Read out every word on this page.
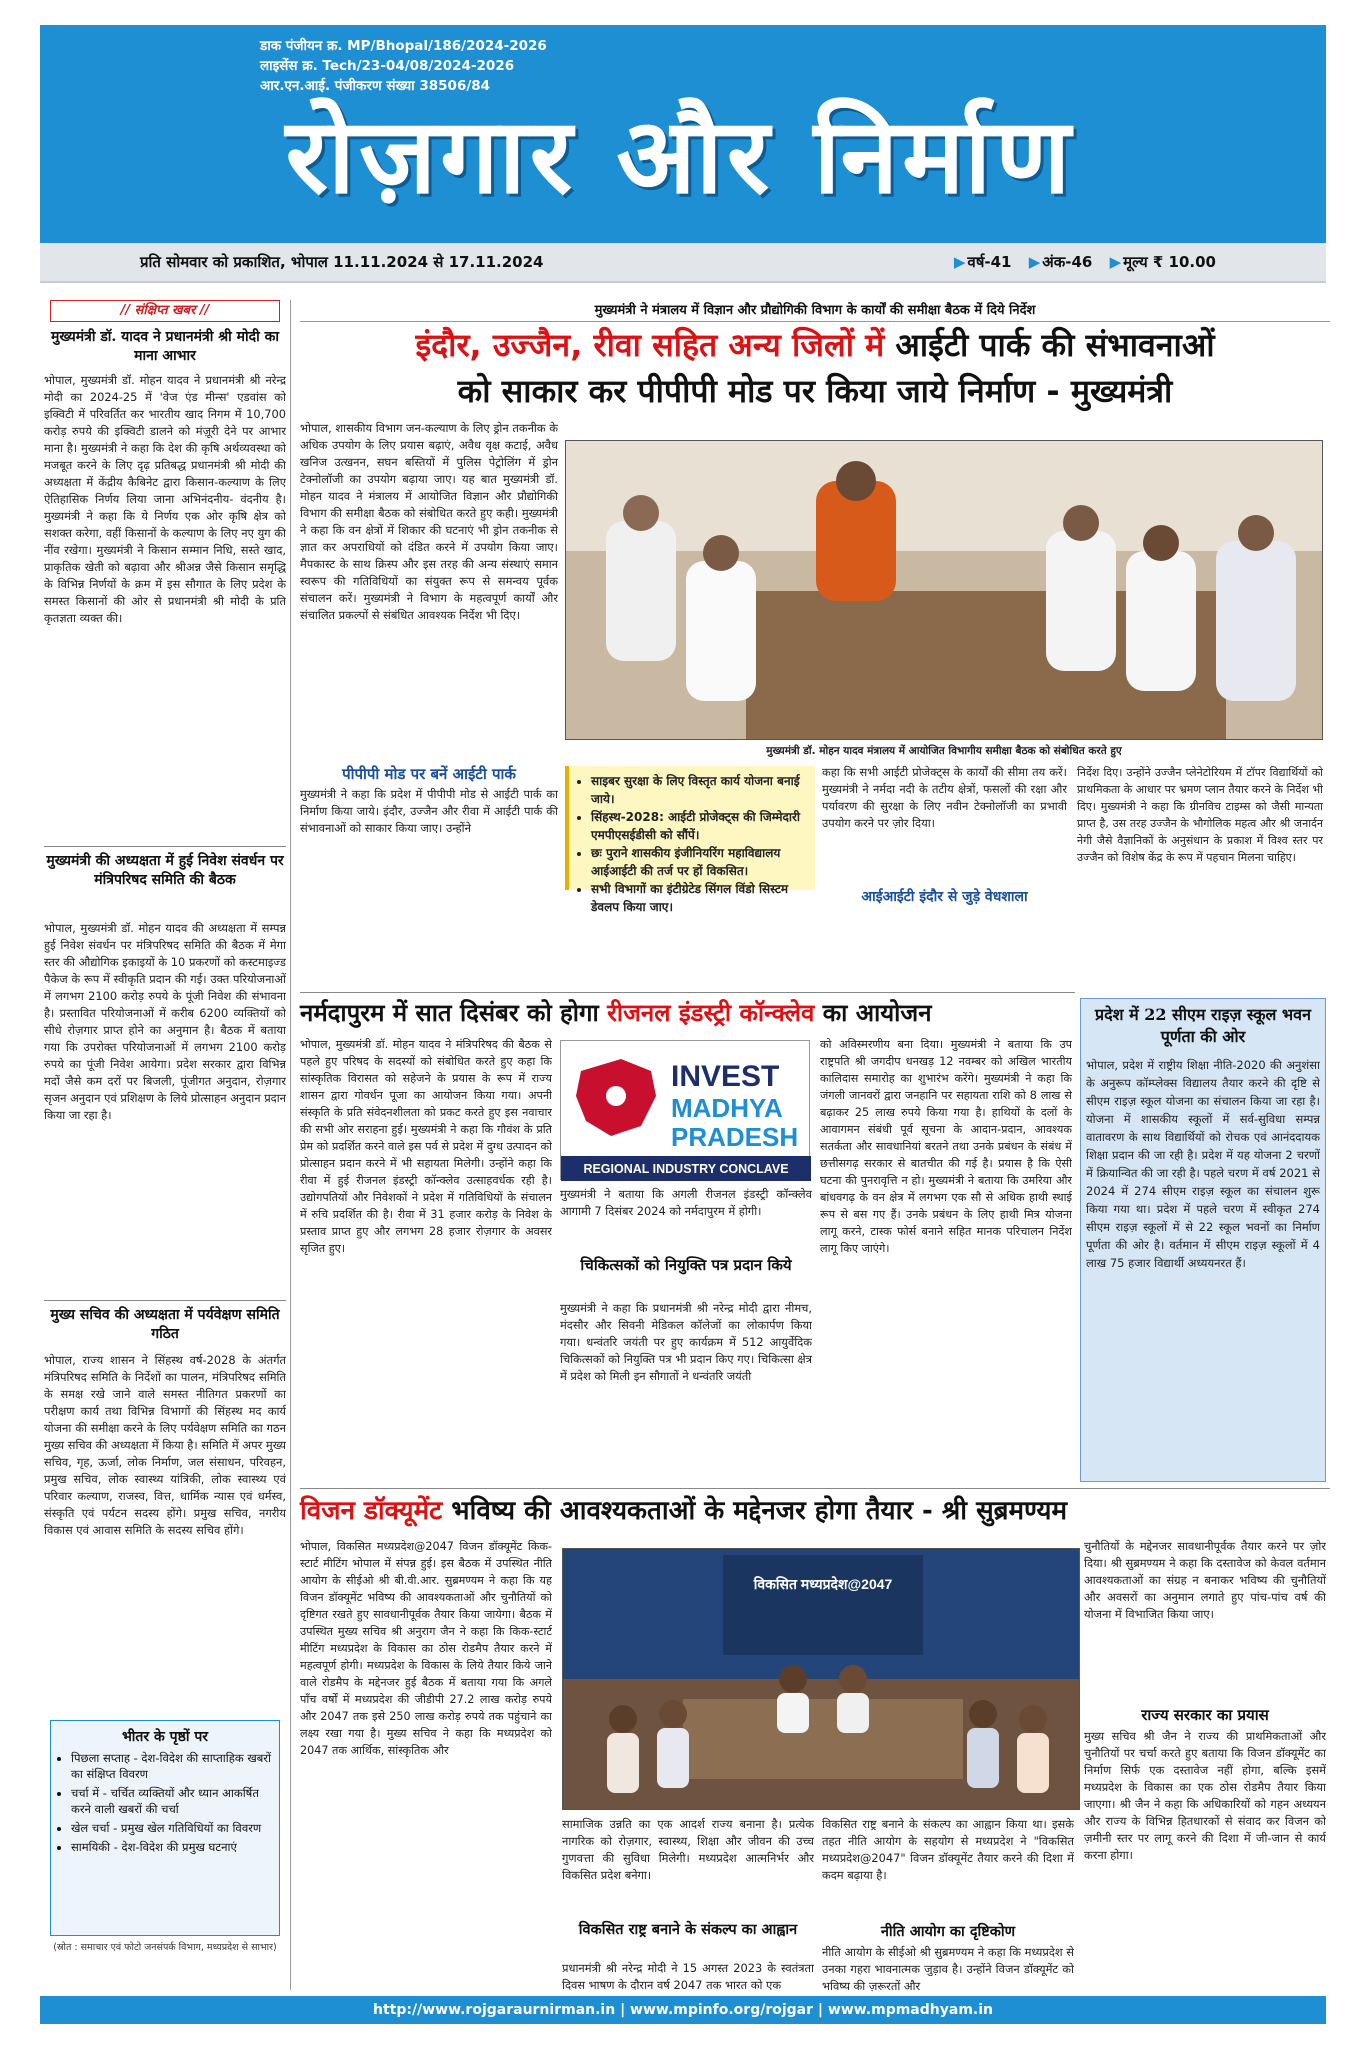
डाक पंजीयन क्र. MP/Bhopal/186/2024-2026
लाइसेंस क्र. Tech/23-04/08/2024-2026
आर.एन.आई. पंजीकरण संख्या 38506/84
रोज़गार और निर्माण
प्रति सोमवार को प्रकाशित, भोपाल 11.11.2024 से 17.11.2024	▶ वर्ष-41 ▶ अंक-46 ▶ मूल्य ₹ 10.00
// संक्षिप्त खबर //
मुख्यमंत्री डॉ. यादव ने प्रधानमंत्री श्री मोदी का माना आभार
भोपाल, मुख्यमंत्री डॉ. मोहन यादव ने प्रधानमंत्री श्री नरेन्द्र मोदी का 2024-25 में 'वेज एंड मीन्स' एडवांस को इक्विटी में परिवर्तित कर भारतीय खाद निगम में 10,700 करोड़ रुपये की इक्विटी डालने को मंज़ूरी देने पर आभार माना है। मुख्यमंत्री ने कहा कि देश की कृषि अर्थव्यवस्था को मजबूत करने के लिए दृढ़ प्रतिबद्ध प्रधानमंत्री श्री मोदी की अध्यक्षता में केंद्रीय कैबिनेट द्वारा किसान-कल्याण के लिए ऐतिहासिक निर्णय लिया जाना अभिनंदनीय- वंदनीय है। मुख्यमंत्री ने कहा कि ये निर्णय एक ओर कृषि क्षेत्र को सशक्त करेगा, वहीं किसानों के कल्याण के लिए नए युग की नींव रखेगा। मुख्यमंत्री ने किसान सम्मान निधि, सस्ते खाद, प्राकृतिक खेती को बढ़ावा और श्रीअन्न जैसे किसान समृद्धि के विभिन्न निर्णयों के क्रम में इस सौगात के लिए प्रदेश के समस्त किसानों की ओर से प्रधानमंत्री श्री मोदी के प्रति कृतज्ञता व्यक्त की।
मुख्यमंत्री की अध्यक्षता में हुई निवेश संवर्धन पर मंत्रिपरिषद समिति की बैठक
भोपाल, मुख्यमंत्री डॉ. मोहन यादव की अध्यक्षता में सम्पन्न हुई निवेश संवर्धन पर मंत्रिपरिषद समिति की बैठक में मेगा स्तर की औद्योगिक इकाइयों के 10 प्रकरणों को कस्टमाइज्ड पैकेज के रूप में स्वीकृति प्रदान की गई। उक्त परियोजनाओं में लगभग 2100 करोड़ रुपये के पूंजी निवेश की संभावना है। प्रस्तावित परियोजनाओं में करीब 6200 व्यक्तियों को सीधे रोज़गार प्राप्त होने का अनुमान है। बैठक में बताया गया कि उपरोक्त परियोजनाओं में लगभग 2100 करोड़ रुपये का पूंजी निवेश आयेगा। प्रदेश सरकार द्वारा विभिन्न मदों जैसे कम दरों पर बिजली, पूंजीगत अनुदान, रोज़गार सृजन अनुदान एवं प्रशिक्षण के लिये प्रोत्साहन अनुदान प्रदान किया जा रहा है।
मुख्य सचिव की अध्यक्षता में पर्यवेक्षण समिति गठित
भोपाल, राज्य शासन ने सिंहस्थ वर्ष-2028 के अंतर्गत मंत्रिपरिषद समिति के निर्देशों का पालन, मंत्रिपरिषद समिति के समक्ष रखे जाने वाले समस्त नीतिगत प्रकरणों का परीक्षण कार्य तथा विभिन्न विभागों की सिंहस्थ मद कार्य योजना की समीक्षा करने के लिए पर्यवेक्षण समिति का गठन मुख्य सचिव की अध्यक्षता में किया है। समिति में अपर मुख्य सचिव, गृह, ऊर्जा, लोक निर्माण, जल संसाधन, परिवहन, प्रमुख सचिव, लोक स्वास्थ्य यांत्रिकी, लोक स्वास्थ्य एवं परिवार कल्याण, राजस्व, वित्त, धार्मिक न्यास एवं धर्मस्व, संस्कृति एवं पर्यटन सदस्य होंगे। प्रमुख सचिव, नगरीय विकास एवं आवास समिति के सदस्य सचिव होंगे।
भीतर के पृष्ठों पर
• पिछला सप्ताह - देश-विदेश की साप्ताहिक खबरों का संक्षिप्त विवरण
• चर्चा में - चर्चित व्यक्तियों और ध्यान आकर्षित करने वाली खबरों की चर्चा
• खेल चर्चा - प्रमुख खेल गतिविधियों का विवरण
• सामयिकी - देश-विदेश की प्रमुख घटनाएं
(स्रोत : समाचार एवं फोटो जनसंपर्क विभाग, मध्यप्रदेश से साभार)
मुख्यमंत्री ने मंत्रालय में विज्ञान और प्रौद्योगिकी विभाग के कार्यों की समीक्षा बैठक में दिये निर्देश
इंदौर, उज्जैन, रीवा सहित अन्य जिलों में आईटी पार्क की संभावनाओं
को साकार कर पीपीपी मोड पर किया जाये निर्माण - मुख्यमंत्री
भोपाल, शासकीय विभाग जन-कल्याण के लिए ड्रोन तकनीक के अधिक उपयोग के लिए प्रयास बढ़ाएं, अवैध वृक्ष कटाई, अवैध खनिज उत्खनन, सघन बस्तियों में पुलिस पेट्रोलिंग में ड्रोन टेक्नोलॉजी का उपयोग बढ़ाया जाए। यह बात मुख्यमंत्री डॉ. मोहन यादव ने मंत्रालय में आयोजित विज्ञान और प्रौद्योगिकी विभाग की समीक्षा बैठक को संबोधित करते हुए कही। मुख्यमंत्री ने कहा कि वन क्षेत्रों में शिकार की घटनाएं भी ड्रोन तकनीक से ज्ञात कर अपराधियों को दंडित करने में उपयोग किया जाए। मैपकास्ट के साथ क्रिस्प और इस तरह की अन्य संस्थाएं समान स्वरूप की गतिविधियों का संयुक्त रूप से समन्वय पूर्वक संचालन करें। मुख्यमंत्री ने विभाग के महत्वपूर्ण कार्यों और संचालित प्रकल्पों से संबंधित आवश्यक निर्देश भी दिए।
पीपीपी मोड पर बनें आईटी पार्क
मुख्यमंत्री ने कहा कि प्रदेश में पीपीपी मोड से आईटी पार्क का निर्माण किया जाये। इंदौर, उज्जैन और रीवा में आईटी पार्क की संभावनाओं को साकार किया जाए। उन्होंने
मुख्यमंत्री डॉ. मोहन यादव मंत्रालय में आयोजित विभागीय समीक्षा बैठक को संबोधित करते हुए
• साइबर सुरक्षा के लिए विस्तृत कार्य योजना बनाई जाये।
• सिंहस्थ-2028: आईटी प्रोजेक्ट्स की जिम्मेदारी एमपीएसईडीसी को सौंपें।
• छः पुराने शासकीय इंजीनियरिंग महाविद्यालय आईआईटी की तर्ज पर हों विकसित।
• सभी विभागों का इंटीग्रेटेड सिंगल विंडो सिस्टम डेवलप किया जाए।
कहा कि सभी आईटी प्रोजेक्ट्स के कार्यों की सीमा तय करें। मुख्यमंत्री ने नर्मदा नदी के तटीय क्षेत्रों, फसलों की रक्षा और पर्यावरण की सुरक्षा के लिए नवीन टेक्नोलॉजी का प्रभावी उपयोग करने पर ज़ोर दिया।
आईआईटी इंदौर से जुड़े वेधशाला
निर्देश दिए। उन्होंने उज्जैन प्लेनेटोरियम में टॉपर विद्यार्थियों को प्राथमिकता के आधार पर भ्रमण प्लान तैयार करने के निर्देश भी दिए। मुख्यमंत्री ने कहा कि ग्रीनविच टाइम्स को जैसी मान्यता प्राप्त है, उस तरह उज्जैन के भौगोलिक महत्व और श्री जनार्दन नेगी जैसे वैज्ञानिकों के अनुसंधान के प्रकाश में विश्व स्तर पर उज्जैन को विशेष केंद्र के रूप में पहचान मिलना चाहिए।
नर्मदापुरम में सात दिसंबर को होगा रीजनल इंडस्ट्री कॉन्क्लेव का आयोजन
भोपाल, मुख्यमंत्री डॉ. मोहन यादव ने मंत्रिपरिषद की बैठक से पहले हुए परिषद के सदस्यों को संबोधित करते हुए कहा कि सांस्कृतिक विरासत को सहेजने के प्रयास के रूप में राज्य शासन द्वारा गोवर्धन पूजा का आयोजन किया गया। अपनी संस्कृति के प्रति संवेदनशीलता को प्रकट करते हुए इस नवाचार की सभी ओर सराहना हुई। मुख्यमंत्री ने कहा कि गौवंश के प्रति प्रेम को प्रदर्शित करने वाले इस पर्व से प्रदेश में दुग्ध उत्पादन को प्रोत्साहन प्रदान करने में भी सहायता मिलेगी। उन्होंने कहा कि रीवा में हुई रीजनल इंडस्ट्री कॉन्क्लेव उत्साहवर्धक रही है। उद्योगपतियों और निवेशकों ने प्रदेश में गतिविधियों के संचालन में रुचि प्रदर्शित की है। रीवा में 31 हजार करोड़ के निवेश के प्रस्ताव प्राप्त हुए और लगभग 28 हजार रोज़गार के अवसर सृजित हुए।
INVEST
MADHYA
PRADESH
REGIONAL INDUSTRY CONCLAVE
मुख्यमंत्री ने बताया कि अगली रीजनल इंडस्ट्री कॉन्क्लेव आगामी 7 दिसंबर 2024 को नर्मदापुरम में होगी।
चिकित्सकों को नियुक्ति पत्र प्रदान किये
मुख्यमंत्री ने कहा कि प्रधानमंत्री श्री नरेन्द्र मोदी द्वारा नीमच, मंदसौर और सिवनी मेडिकल कॉलेजों का लोकार्पण किया गया। धन्वंतरि जयंती पर हुए कार्यक्रम में 512 आयुर्वेदिक चिकित्सकों को नियुक्ति पत्र भी प्रदान किए गए। चिकित्सा क्षेत्र में प्रदेश को मिली इन सौगातों ने धन्वंतरि जयंती
को अविस्मरणीय बना दिया। मुख्यमंत्री ने बताया कि उप राष्ट्रपति श्री जगदीप धनखड़ 12 नवम्बर को अखिल भारतीय कालिदास समारोह का शुभारंभ करेंगे। मुख्यमंत्री ने कहा कि जंगली जानवरों द्वारा जनहानि पर सहायता राशि को 8 लाख से बढ़ाकर 25 लाख रुपये किया गया है। हाथियों के दलों के आवागमन संबंधी पूर्व सूचना के आदान-प्रदान, आवश्यक सतर्कता और सावधानियां बरतने तथा उनके प्रबंधन के संबंध में छत्तीसगढ़ सरकार से बातचीत की गई है। प्रयास है कि ऐसी घटना की पुनरावृत्ति न हो। मुख्यमंत्री ने बताया कि उमरिया और बांधवगढ़ के वन क्षेत्र में लगभग एक सौ से अधिक हाथी स्थाई रूप से बस गए हैं। उनके प्रबंधन के लिए हाथी मित्र योजना लागू करने, टास्क फोर्स बनाने सहित मानक परिचालन निर्देश लागू किए जाएंगे।
प्रदेश में 22 सीएम राइज़ स्कूल भवन पूर्णता की ओर
भोपाल, प्रदेश में राष्ट्रीय शिक्षा नीति-2020 की अनुशंसा के अनुरूप कॉम्प्लेक्स विद्यालय तैयार करने की दृष्टि से सीएम राइज़ स्कूल योजना का संचालन किया जा रहा है। योजना में शासकीय स्कूलों में सर्व-सुविधा सम्पन्न वातावरण के साथ विद्यार्थियों को रोचक एवं आनंददायक शिक्षा प्रदान की जा रही है। प्रदेश में यह योजना 2 चरणों में क्रियान्वित की जा रही है। पहले चरण में वर्ष 2021 से 2024 में 274 सीएम राइज़ स्कूल का संचालन शुरू किया गया था। प्रदेश में पहले चरण में स्वीकृत 274 सीएम राइज़ स्कूलों में से 22 स्कूल भवनों का निर्माण पूर्णता की ओर है। वर्तमान में सीएम राइज़ स्कूलों में 4 लाख 75 हजार विद्यार्थी अध्ययनरत हैं।
विजन डॉक्यूमेंट भविष्य की आवश्यकताओं के मद्देनजर होगा तैयार - श्री सुब्रमण्यम
भोपाल, विकसित मध्यप्रदेश@2047 विजन डॉक्यूमेंट किक-स्टार्ट मीटिंग भोपाल में संपन्न हुई। इस बैठक में उपस्थित नीति आयोग के सीईओ श्री बी.वी.आर. सुब्रमण्यम ने कहा कि यह विजन डॉक्यूमेंट भविष्य की आवश्यकताओं और चुनौतियों को दृष्टिगत रखते हुए सावधानीपूर्वक तैयार किया जायेगा। बैठक में उपस्थित मुख्य सचिव श्री अनुराग जैन ने कहा कि किक-स्टार्ट मीटिंग मध्यप्रदेश के विकास का ठोस रोडमैप तैयार करने में महत्वपूर्ण होगी। मध्यप्रदेश के विकास के लिये तैयार किये जाने वाले रोडमैप के मद्देनजर हुई बैठक में बताया गया कि अगले पाँच वर्षों में मध्यप्रदेश की जीडीपी 27.2 लाख करोड़ रुपये और 2047 तक इसे 250 लाख करोड़ रुपये तक पहुंचाने का लक्ष्य रखा गया है। मुख्य सचिव ने कहा कि मध्यप्रदेश को 2047 तक आर्थिक, सांस्कृतिक और
विकसित मध्यप्रदेश@2047
सामाजिक उन्नति का एक आदर्श राज्य बनाना है। प्रत्येक नागरिक को रोज़गार, स्वास्थ्य, शिक्षा और जीवन की उच्च गुणवत्ता की सुविधा मिलेगी। मध्यप्रदेश आत्मनिर्भर और विकसित प्रदेश बनेगा।
विकसित राष्ट्र बनाने के संकल्प का आह्वान
प्रधानमंत्री श्री नरेन्द्र मोदी ने 15 अगस्त 2023 के स्वतंत्रता दिवस भाषण के दौरान वर्ष 2047 तक भारत को एक
विकसित राष्ट्र बनाने के संकल्प का आह्वान किया था। इसके तहत नीति आयोग के सहयोग से मध्यप्रदेश ने "विकसित मध्यप्रदेश@2047" विजन डॉक्यूमेंट तैयार करने की दिशा में कदम बढ़ाया है।
नीति आयोग का दृष्टिकोण
नीति आयोग के सीईओ श्री सुब्रमण्यम ने कहा कि मध्यप्रदेश से उनका गहरा भावनात्मक जुड़ाव है। उन्होंने विजन डॉक्यूमेंट को भविष्य की ज़रूरतों और
चुनौतियों के मद्देनजर सावधानीपूर्वक तैयार करने पर ज़ोर दिया। श्री सुब्रमण्यम ने कहा कि दस्तावेज को केवल वर्तमान आवश्यकताओं का संग्रह न बनाकर भविष्य की चुनौतियों और अवसरों का अनुमान लगाते हुए पांच-पांच वर्ष की योजना में विभाजित किया जाए।
राज्य सरकार का प्रयास
मुख्य सचिव श्री जैन ने राज्य की प्राथमिकताओं और चुनौतियों पर चर्चा करते हुए बताया कि विजन डॉक्यूमेंट का निर्माण सिर्फ एक दस्तावेज नहीं होगा, बल्कि इसमें मध्यप्रदेश के विकास का एक ठोस रोडमैप तैयार किया जाएगा। श्री जैन ने कहा कि अधिकारियों को गहन अध्ययन और राज्य के विभिन्न हितधारकों से संवाद कर विजन को ज़मीनी स्तर पर लागू करने की दिशा में जी-जान से कार्य करना होगा।
http://www.rojgaraurnirman.in | www.mpinfo.org/rojgar | www.mpmadhyam.in
